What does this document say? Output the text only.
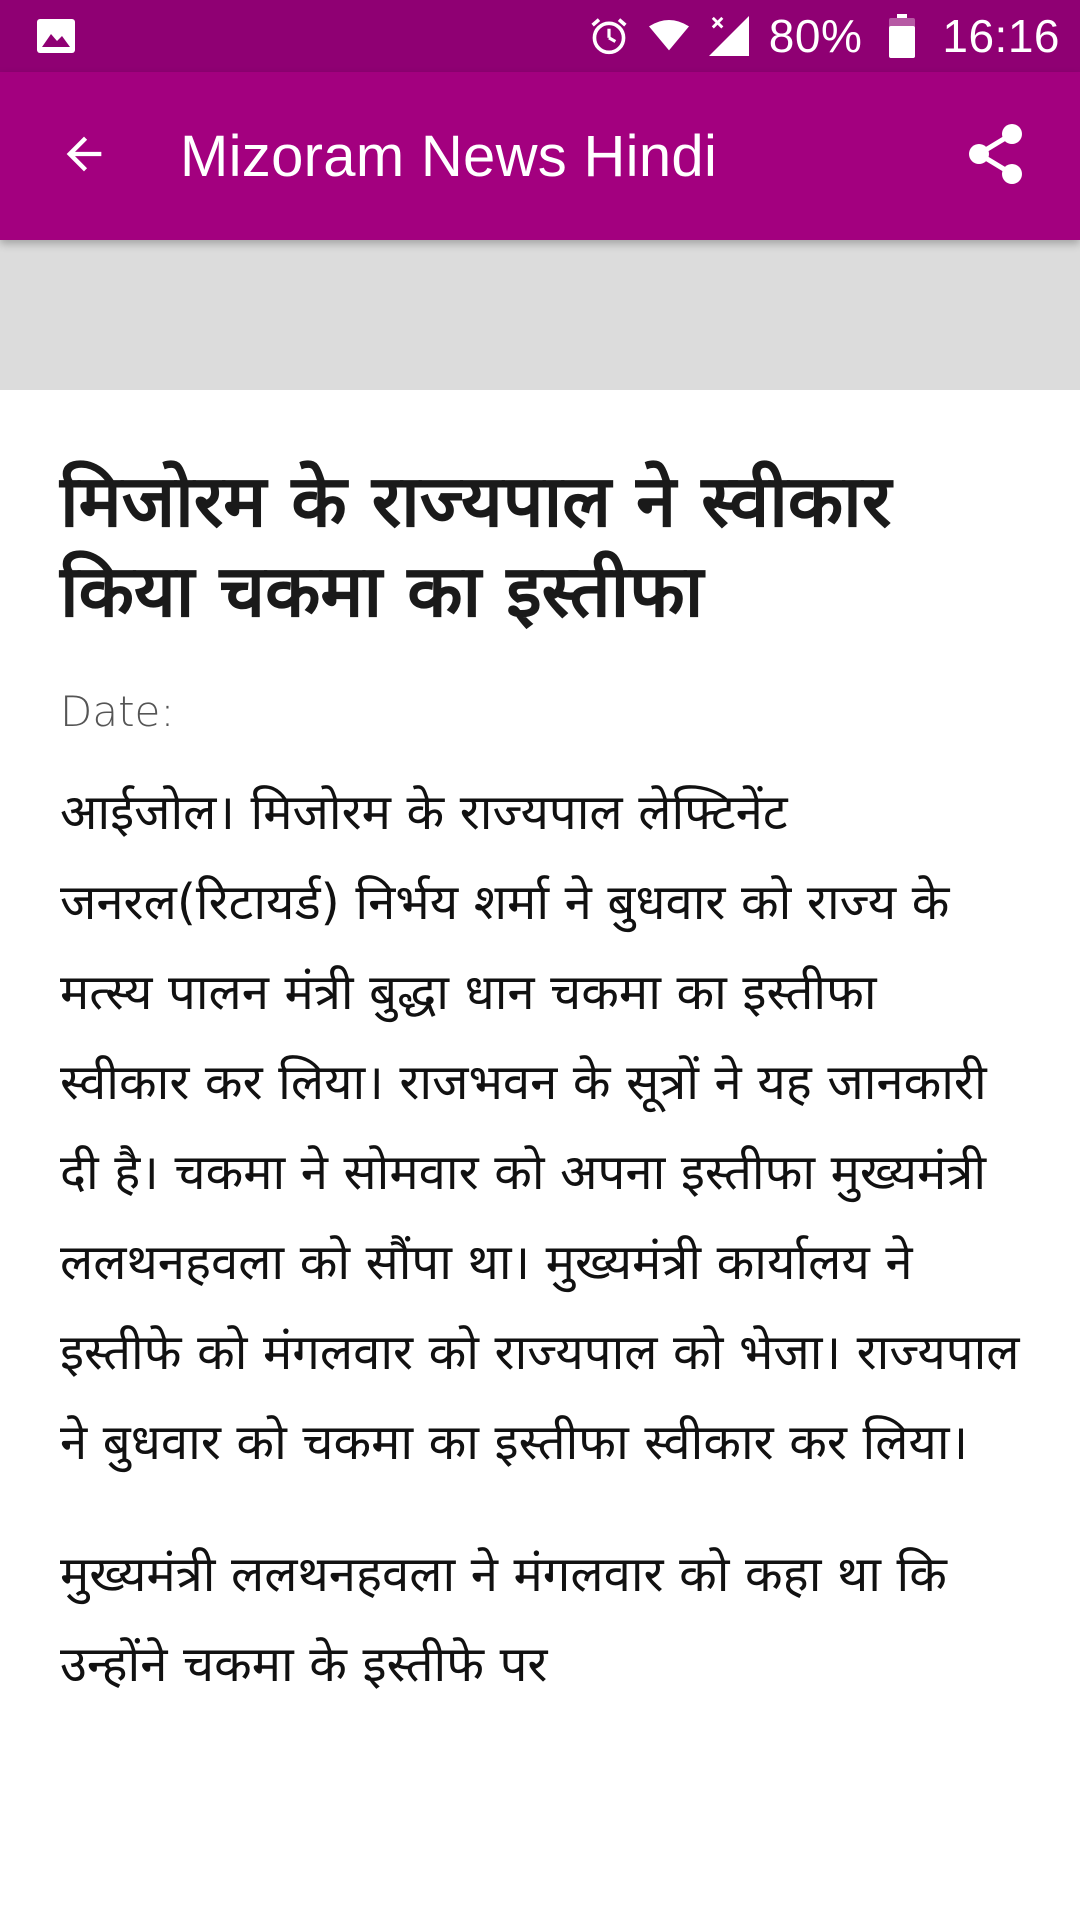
80% 16:16
Mizoram News Hindi
मिजोरम के राज्यपाल ने स्वीकार किया चकमा का इस्तीफा
Date:

आईजोल। मिजोरम के राज्यपाल लेफ्टिनेंट जनरल(रिटायर्ड) निर्भय शर्मा ने बुधवार को राज्य के मत्स्य पालन मंत्री बुद्धा धान चकमा का इस्तीफा स्वीकार कर लिया। राजभवन के सूत्रों ने यह जानकारी दी है। चकमा ने सोमवार को अपना इस्तीफा मुख्यमंत्री ललथनहवला को सौंपा था। मुख्यमंत्री कार्यालय ने इस्तीफे को मंगलवार को राज्यपाल को भेजा। राज्यपाल ने बुधवार को चकमा का इस्तीफा स्वीकार कर लिया।

मुख्यमंत्री ललथनहवला ने मंगलवार को कहा था कि उन्होंने चकमा के इस्तीफे पर
